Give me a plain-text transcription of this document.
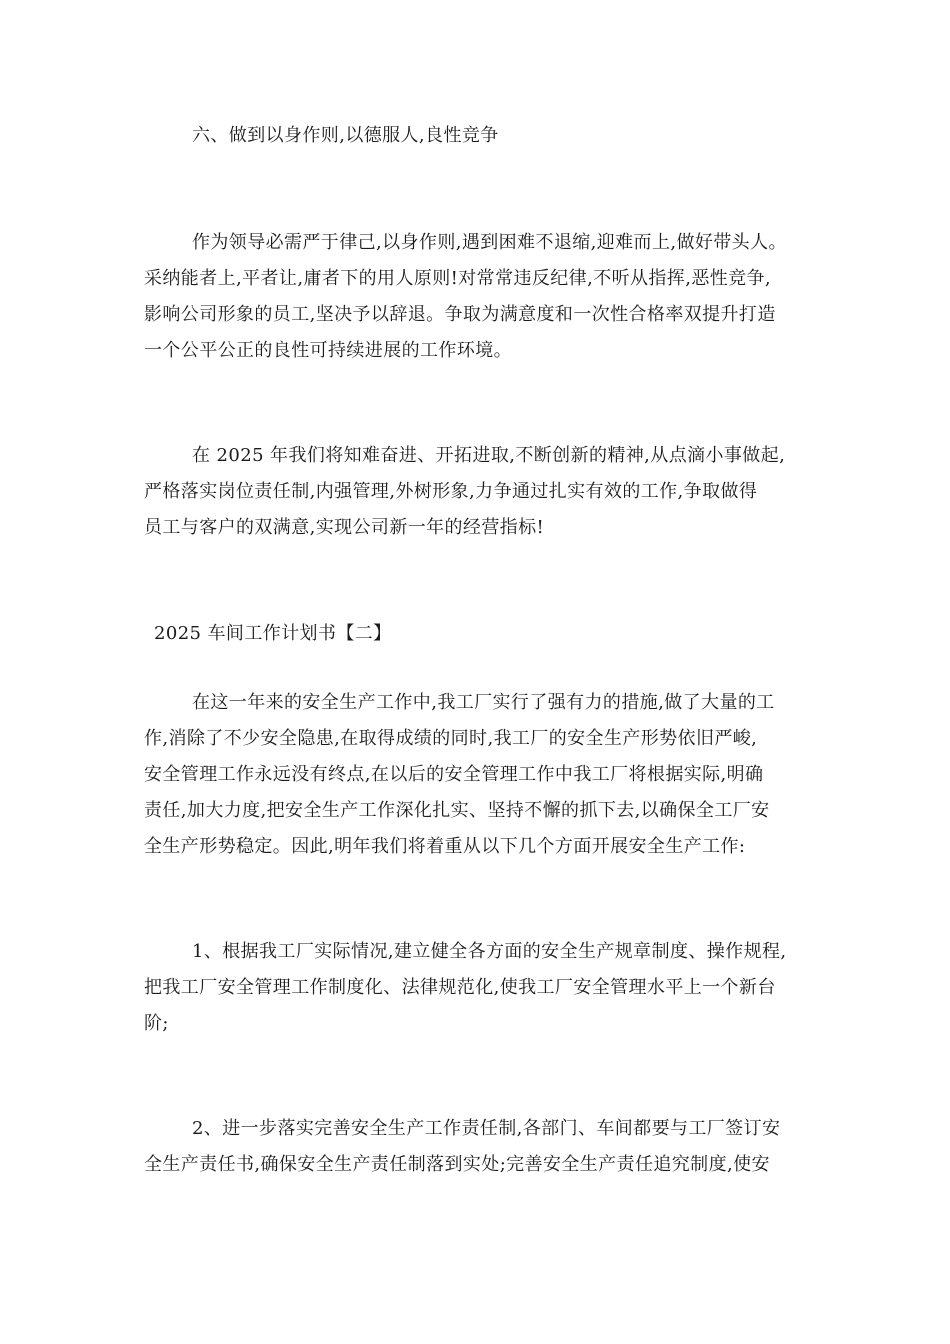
六、做到以身作则,以德服人,良性竞争
作为领导必需严于律己,以身作则,遇到困难不退缩,迎难而上,做好带头人。
采纳能者上,平者让,庸者下的用人原则!对常常违反纪律,不听从指挥,恶性竞争,
影响公司形象的员工,坚决予以辞退。争取为满意度和一次性合格率双提升打造
一个公平公正的良性可持续进展的工作环境。
在 2025 年我们将知难奋进、开拓进取,不断创新的精神,从点滴小事做起,
严格落实岗位责任制,内强管理,外树形象,力争通过扎实有效的工作,争取做得
员工与客户的双满意,实现公司新一年的经营指标!
2025 车间工作计划书【二】
在这一年来的安全生产工作中,我工厂实行了强有力的措施,做了大量的工
作,消除了不少安全隐患,在取得成绩的同时,我工厂的安全生产形势依旧严峻,
安全管理工作永远没有终点,在以后的安全管理工作中我工厂将根据实际,明确
责任,加大力度,把安全生产工作深化扎实、坚持不懈的抓下去,以确保全工厂安
全生产形势稳定。因此,明年我们将着重从以下几个方面开展安全生产工作:
1、根据我工厂实际情况,建立健全各方面的安全生产规章制度、操作规程,
把我工厂安全管理工作制度化、法律规范化,使我工厂安全管理水平上一个新台
阶;
2、进一步落实完善安全生产工作责任制,各部门、车间都要与工厂签订安
全生产责任书,确保安全生产责任制落到实处;完善安全生产责任追究制度,使安
